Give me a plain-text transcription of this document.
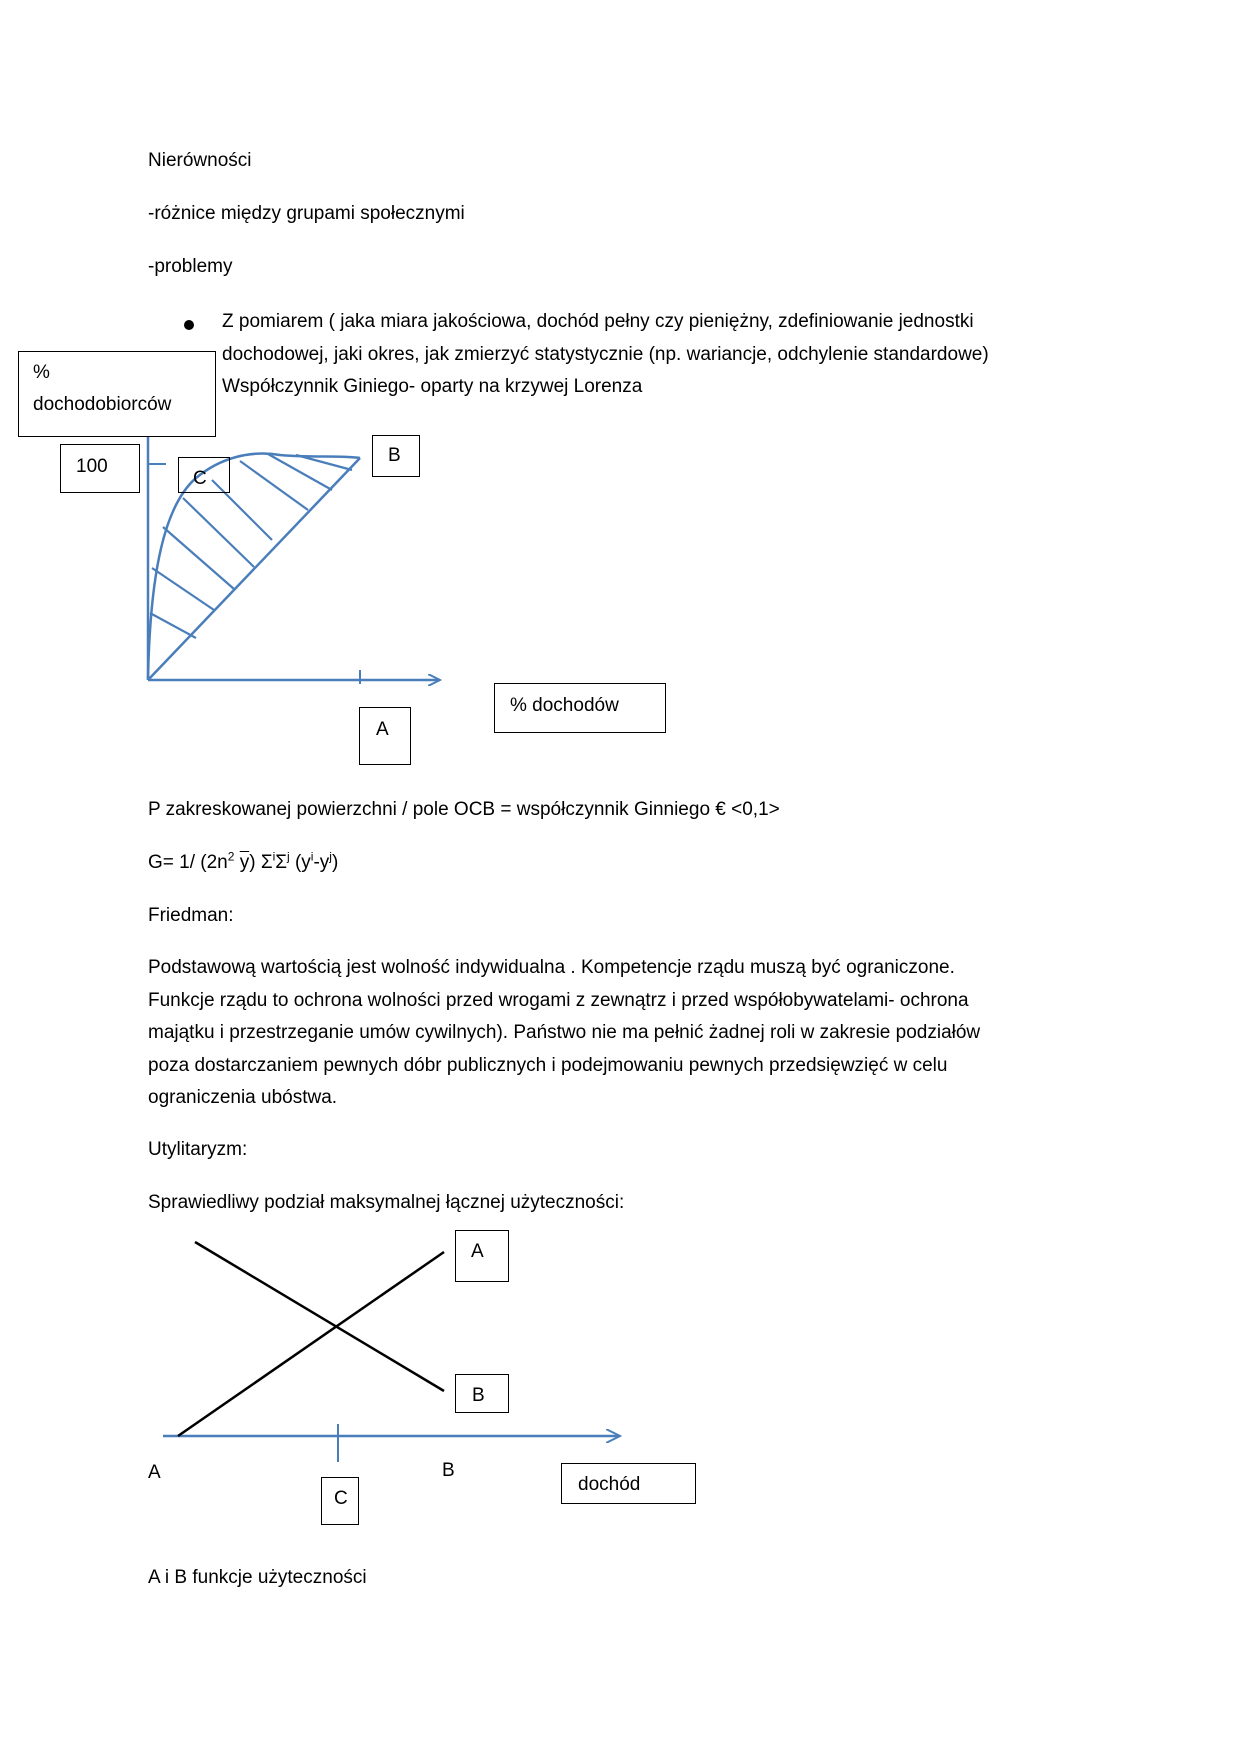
Nierówności
-różnice między grupami społecznymi
-problemy
Z pomiarem ( jaka miara jakościowa, dochód pełny czy pieniężny, zdefiniowanie jednostki
dochodowej, jaki okres, jak zmierzyć statystycznie (np. wariancje, odchylenie standardowe)
Współczynnik Giniego- oparty na krzywej Lorenza
%
dochodobiorców
100
C
B
A
% dochodów
P zakreskowanej powierzchni / pole OCB = współczynnik Ginniego € <0,1>
G= 1/ ($2n^2$ $\overline{y}$) $\Sigma^i\Sigma^j$ $(y^i-y^j)$
Friedman:
Podstawową wartością jest wolność indywidualna . Kompetencje rządu muszą być ograniczone.
Funkcje rządu to ochrona wolności przed wrogami z zewnątrz i przed współobywatelami- ochrona
majątku i przestrzeganie umów cywilnych). Państwo nie ma pełnić żadnej roli w zakresie podziałów
poza dostarczaniem pewnych dóbr publicznych i podejmowaniu pewnych przedsięwzięć w celu
ograniczenia ubóstwa.
Utylitaryzm:
Sprawiedliwy podział maksymalnej łącznej użyteczności:
A
B
A	B
C
dochód
A i B funkcje użyteczności
